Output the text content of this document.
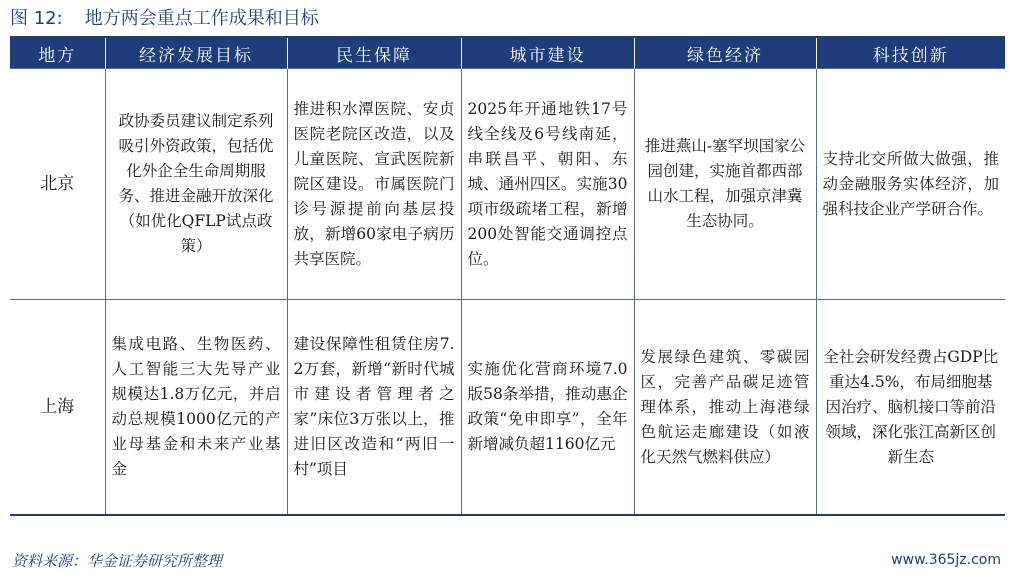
图 12: 地方两会重点工作成果和目标
地方	经济发展目标	民生保障	城市建设	绿色经济	科技创新
北京	政协委员建议制定系列吸引外资政策，包括优化外企全生命周期服务、推进金融开放深化（如优化QFLP试点政策）	推进积水潭医院、安贞医院老院区改造，以及儿童医院、宣武医院新院区建设。市属医院门诊号源提前向基层投放，新增60家电子病历共享医院。	2025年开通地铁17号线全线及6号线南延，串联昌平、朝阳、东城、通州四区。实施30项市级疏堵工程，新增200处智能交通调控点位。	推进燕山-塞罕坝国家公园创建，实施首都西部山水工程，加强京津冀生态协同。	支持北交所做大做强，推动金融服务实体经济，加强科技企业产学研合作。
上海	集成电路、生物医药、人工智能三大先导产业规模达1.8万亿元，并启动总规模1000亿元的产业母基金和未来产业基金	建设保障性租赁住房7.2万套，新增“新时代城市建设者管理者之家”床位3万张以上，推进旧区改造和“两旧一村”项目	实施优化营商环境7.0版58条举措，推动惠企政策“免申即享”，全年新增减负超1160亿元	发展绿色建筑、零碳园区，完善产品碳足迹管理体系，推动上海港绿色航运走廊建设（如液化天然气燃料供应）	全社会研发经费占GDP比重达4.5%，布局细胞基因治疗、脑机接口等前沿领域，深化张江高新区创新生态
资料来源：华金证券研究所整理	www.365jz.com
